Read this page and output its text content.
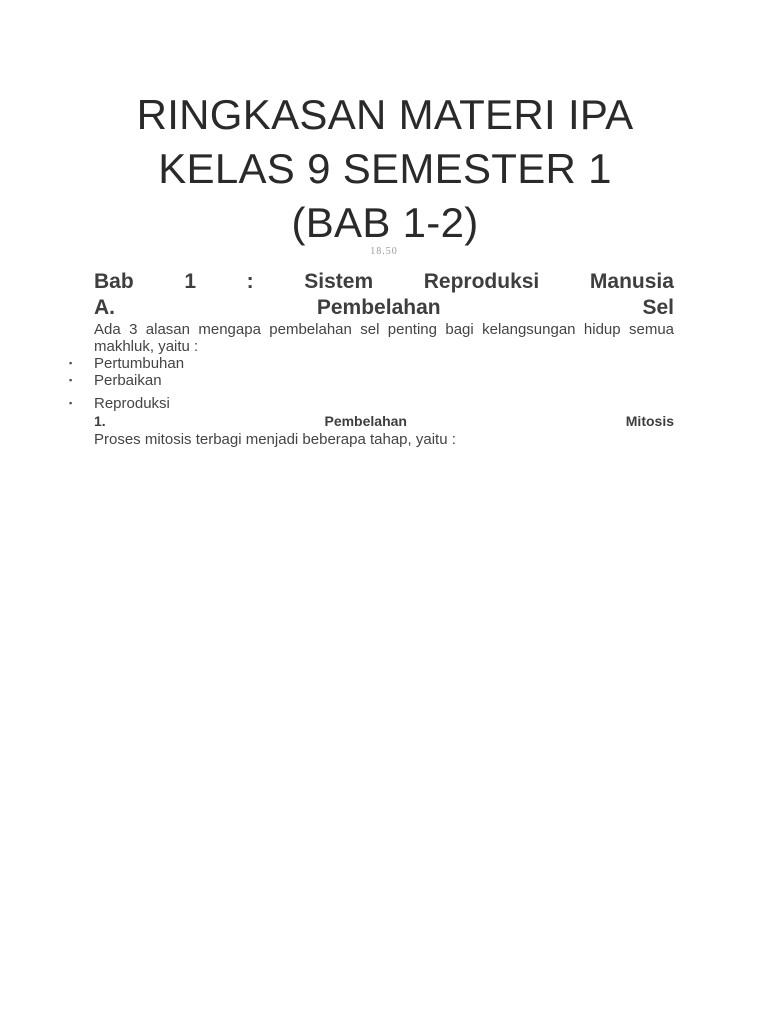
RINGKASAN MATERI IPA
KELAS 9 SEMESTER 1
(BAB 1-2)
18.50
Bab 1 : Sistem Reproduksi Manusia
A.	Pembelahan	Sel
Ada 3 alasan mengapa pembelahan sel penting bagi kelangsungan hidup semua makhluk, yaitu :
▪ Pertumbuhan
▪ Perbaikan
▪ Reproduksi
1.	Pembelahan	Mitosis
Proses mitosis terbagi menjadi beberapa tahap, yaitu :
